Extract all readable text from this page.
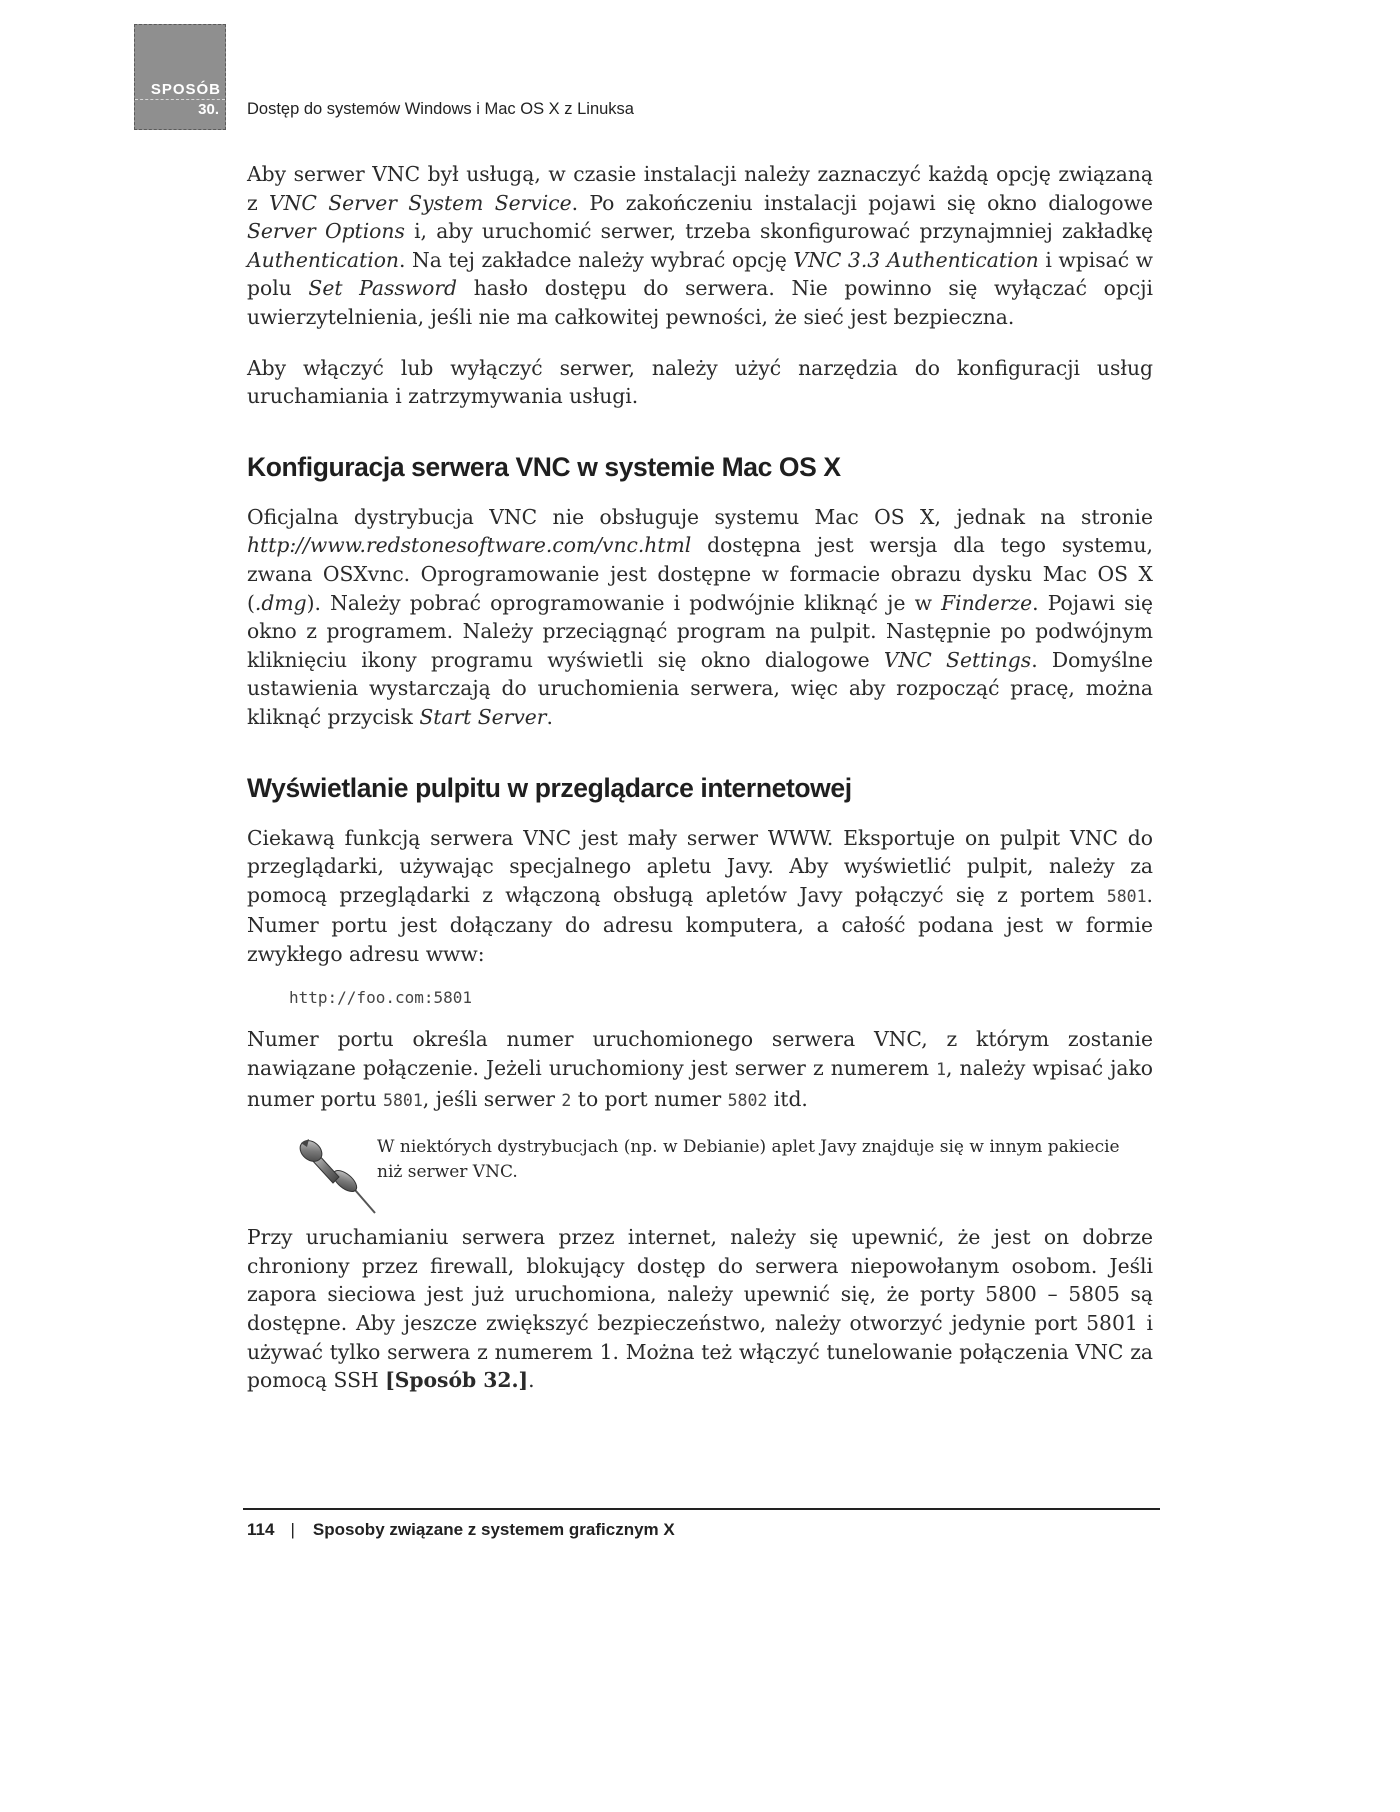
SPOSÓB
30. Dostęp do systemów Windows i Mac OS X z Linuksa

Aby serwer VNC był usługą, w czasie instalacji należy zaznaczyć każdą opcję związaną z VNC Server System Service. Po zakończeniu instalacji pojawi się okno dialogowe Server Options i, aby uruchomić serwer, trzeba skonfigurować przynajmniej zakładkę Authentication. Na tej zakładce należy wybrać opcję VNC 3.3 Authentication i wpisać w polu Set Password hasło dostępu do serwera. Nie powinno się wyłączać opcji uwierzytelnienia, jeśli nie ma całkowitej pewności, że sieć jest bezpieczna.

Aby włączyć lub wyłączyć serwer, należy użyć narzędzia do konfiguracji usług uruchamiania i zatrzymywania usługi.

Konfiguracja serwera VNC w systemie Mac OS X

Oficjalna dystrybucja VNC nie obsługuje systemu Mac OS X, jednak na stronie http://www.redstonesoftware.com/vnc.html dostępna jest wersja dla tego systemu, zwana OSXvnc. Oprogramowanie jest dostępne w formacie obrazu dysku Mac OS X (.dmg). Należy pobrać oprogramowanie i podwójnie kliknąć je w Finderze. Pojawi się okno z programem. Należy przeciągnąć program na pulpit. Następnie po podwójnym kliknięciu ikony programu wyświetli się okno dialogowe VNC Settings. Domyślne ustawienia wystarczają do uruchomienia serwera, więc aby rozpocząć pracę, można kliknąć przycisk Start Server.

Wyświetlanie pulpitu w przeglądarce internetowej

Ciekawą funkcją serwera VNC jest mały serwer WWW. Eksportuje on pulpit VNC do przeglądarki, używając specjalnego apletu Javy. Aby wyświetlić pulpit, należy za pomocą przeglądarki z włączoną obsługą apletów Javy połączyć się z portem 5801. Numer portu jest dołączany do adresu komputera, a całość podana jest w formie zwykłego adresu www:

http://foo.com:5801

Numer portu określa numer uruchomionego serwera VNC, z którym zostanie nawiązane połączenie. Jeżeli uruchomiony jest serwer z numerem 1, należy wpisać jako numer portu 5801, jeśli serwer 2 to port numer 5802 itd.

W niektórych dystrybucjach (np. w Debianie) aplet Javy znajduje się w innym pakiecie niż serwer VNC.

Przy uruchamianiu serwera przez internet, należy się upewnić, że jest on dobrze chroniony przez firewall, blokujący dostęp do serwera niepowołanym osobom. Jeśli zapora sieciowa jest już uruchomiona, należy upewnić się, że porty 5800 – 5805 są dostępne. Aby jeszcze zwiększyć bezpieczeństwo, należy otworzyć jedynie port 5801 i używać tylko serwera z numerem 1. Można też włączyć tunelowanie połączenia VNC za pomocą SSH [Sposób 32.].

114 | Sposoby związane z systemem graficznym X
